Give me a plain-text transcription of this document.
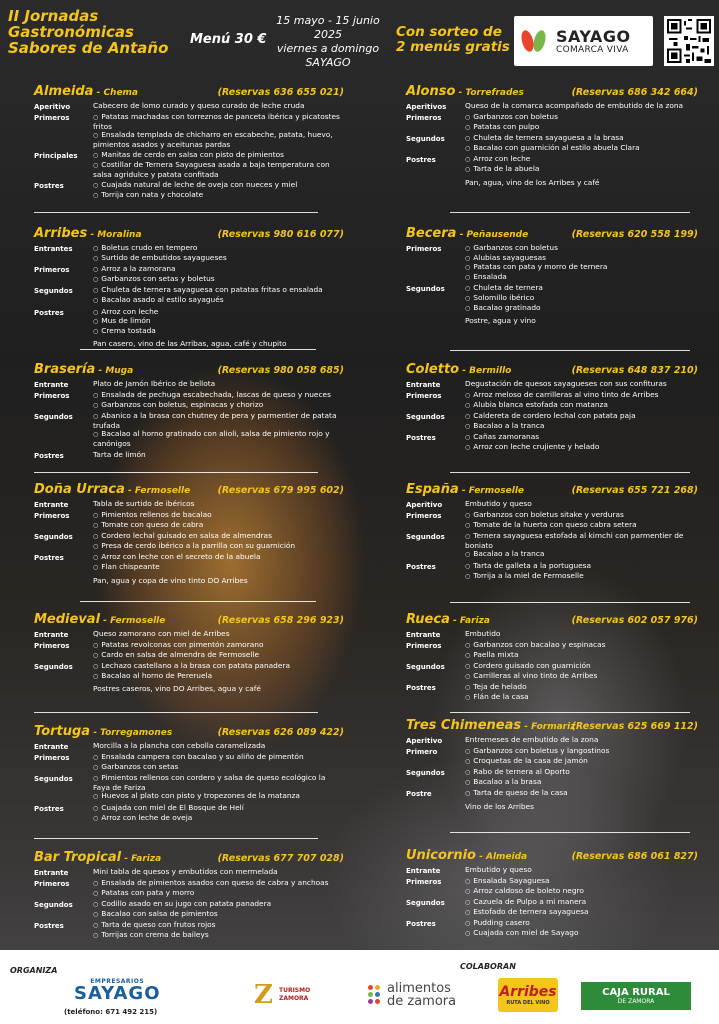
II Jornadas
Gastronómicas
Sabores de Antaño Menú 30 €
15 mayo - 15 junio
2025
viernes a domingo
SAYAGO
Con sorteo de
2 menús gratis
SAYAGO
COMARCA VIVA
Almeida - Chema	(Reservas 636 655 021)
Aperitivo	Cabecero de lomo curado y queso curado de leche cruda
Primeros	○ Patatas machadas con torreznos de panceta ibérica y picatostes fritos
○ Ensalada templada de chicharro en escabeche, patata, huevo, pimientos asados y aceitunas pardas
Principales	○ Manitas de cerdo en salsa con pisto de pimientos
○ Costillar de Ternera Sayaguesa asada a baja temperatura con salsa agridulce y patata confitada
Postres	○ Cuajada natural de leche de oveja con nueces y miel
○ Torrija con nata y chocolate
Alonso - Torrefrades	(Reservas 686 342 664)
Aperitivos	Queso de la comarca acompañado de embutido de la zona
Primeros	○ Garbanzos con boletus
○ Patatas con pulpo
Segundos	○ Chuleta de ternera sayaguesa a la brasa
○ Bacalao con guarnición al estilo abuela Clara
Postres	○ Arroz con leche
○ Tarta de la abuela
Pan, agua, vino de los Arribes y café
Arribes - Moralina	(Reservas 980 616 077)
Entrantes	○ Boletus crudo en tempero
○ Surtido de embutidos sayagueses
Primeros	○ Arroz a la zamorana
○ Garbanzos con setas y boletus
Segundos	○ Chuleta de ternera sayaguesa con patatas fritas o ensalada
○ Bacalao asado al estilo sayagués
Postres	○ Arroz con leche
○ Mus de limón
○ Crema tostada
Pan casero, vino de las Arribas, agua, café y chupito
Becera - Peñausende	(Reservas 620 558 199)
Primeros	○ Garbanzos con boletus
○ Alubias sayaguesas
○ Patatas con pata y morro de ternera
○ Ensalada
Segundos	○ Chuleta de ternera
○ Solomillo ibérico
○ Bacalao gratinado
Postre, agua y vino
Brasería - Muga	(Reservas 980 058 685)
Entrante	Plato de Jamón Ibérico de bellota
Primeros	○ Ensalada de pechuga escabechada, lascas de queso y nueces
○ Garbanzos con boletus, espinacas y chorizo
Segundos	○ Abanico a la brasa con chutney de pera y parmentier de patata trufada
○ Bacalao al horno gratinado con alioli, salsa de pimiento rojo y canónigos
Postres	Tarta de limón
Coletto - Bermillo	(Reservas 648 837 210)
Entrante	Degustación de quesos sayagueses con sus confituras
Primeros	○ Arroz meloso de carrilleras al vino tinto de Arribes
○ Alubia blanca estofada con matanza
Segundos	○ Caldereta de cordero lechal con patata paja
○ Bacalao a la tranca
Postres	○ Cañas zamoranas
○ Arroz con leche crujiente y helado
Doña Urraca - Fermoselle	(Reservas 679 995 602)
Entrante	Tabla de surtido de ibéricos
Primeros	○ Pimientos rellenos de bacalao
○ Tomate con queso de cabra
Segundos	○ Cordero lechal guisado en salsa de almendras
○ Presa de cerdo ibérico a la parrilla con su guarnición
Postres	○ Arroz con leche con el secreto de la abuela
○ Flan chispeante
Pan, agua y copa de vino tinto DO Arribes
España - Fermoselle	(Reservas 655 721 268)
Aperitivo	Embutido y queso
Primeros	○ Garbanzos con boletus sitake y verduras
○ Tomate de la huerta con queso cabra setera
Segundos	○ Ternera sayaguesa estofada al kimchi con parmentier de boniato
○ Bacalao a la tranca
Postres	○ Tarta de galleta a la portuguesa
○ Torrija a la miel de Fermoselle
Medieval - Fermoselle	(Reservas 658 296 923)
Entrante	Queso zamorano con miel de Arribes
Primeros	○ Patatas revolconas con pimentón zamorano
○ Cardo en salsa de almendra de Fermoselle
Segundos	○ Lechazo castellano a la brasa con patata panadera
○ Bacalao al horno de Pereruela
Postres caseros, vino DO Arribes, agua y café
Rueca - Fariza	(Reservas 602 057 976)
Entrante	Embutido
Primeros	○ Garbanzos con bacalao y espinacas
○ Paella mixta
Segundos	○ Cordero guisado con guarnición
○ Carrilleras al vino tinto de Arribes
Postres	○ Teja de helado
○ Flán de la casa
Tortuga - Torregamones	(Reservas 626 089 422)
Entrante	Morcilla a la plancha con cebolla caramelizada
Primeros	○ Ensalada campera con bacalao y su aliño de pimentón
○ Garbanzos con setas
Segundos	○ Pimientos rellenos con cordero y salsa de queso ecológico la Faya de Fariza
○ Huevos al plato con pisto y tropezones de la matanza
Postres	○ Cuajada con miel de El Bosque de Helí
○ Arroz con leche de oveja
Tres Chimeneas - Formariz
(Reservas 625 669 112)
Aperitivo	Entremeses de embutido de la zona
Primero	○ Garbanzos con boletus y langostinos
○ Croquetas de la casa de jamón
Segundos	○ Rabo de ternera al Oporto
○ Bacalao a la brasa
Postre	○ Tarta de queso de la casa
Vino de los Arribes
Bar Tropical - Fariza	(Reservas 677 707 028)
Entrante	Mini tabla de quesos y embutidos con mermelada
Primeros	○ Ensalada de pimientos asados con queso de cabra y anchoas
○ Patatas con pata y morro
Segundos	○ Codillo asado en su jugo con patata panadera
○ Bacalao con salsa de pimientos
Postres	○ Tarta de queso con frutos rojos
○ Torrijas con crema de baileys
Unicornio - Almeida	(Reservas 686 061 827)
Entrante	Embutido y queso
Primeros	○ Ensalada Sayaguesa
○ Arroz caldoso de boleto negro
Segundos	○ Cazuela de Pulpo a mi manera
○ Estofado de ternera sayaguesa
Postres	○ Pudding casero
○ Cuajada con miel de Sayago
ORGANIZA	COLABORAN
EMPRESARIOS
SAYAGO
(teléfono: 671 492 215)
Z TURISMO
ZAMORA
alimentos
de zamora
Arribes
RUTA DEL VINO
CAJA RURAL
DE ZAMORA
